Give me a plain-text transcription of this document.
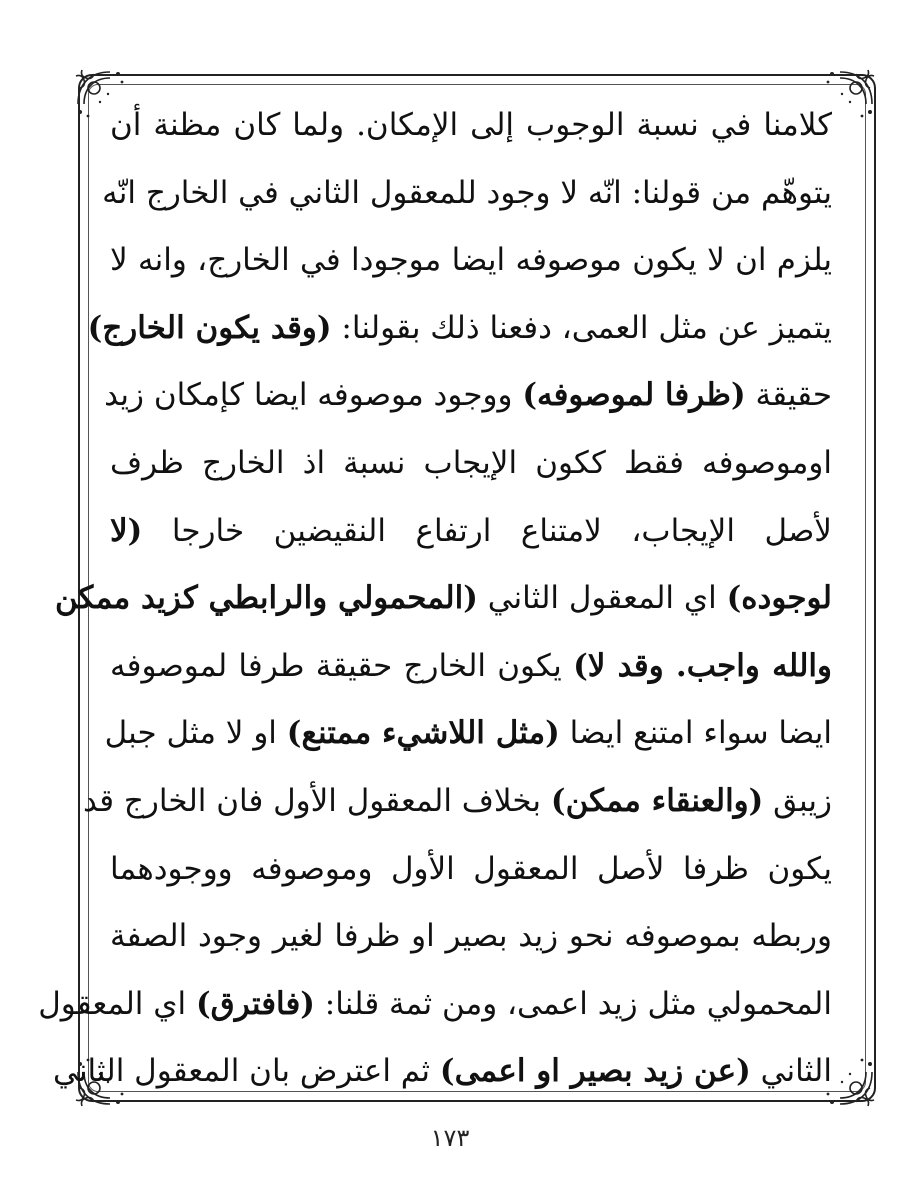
كلامنا في نسبة الوجوب إلى الإمكان. ولما كان مظنة أن
يتوهّم من قولنا: انّه لا وجود للمعقول الثاني في الخارج انّه
يلزم ان لا يكون موصوفه ايضا موجودا في الخارج، وانه لا
يتميز عن مثل العمى، دفعنا ذلك بقولنا: (وقد يكون الخارج)
حقيقة (ظرفا لموصوفه) ووجود موصوفه ايضا كإمكان زيد
اوموصوفه فقط ككون الإيجاب نسبة اذ الخارج ظرف
لأصل الإيجاب، لامتناع ارتفاع النقيضين خارجا (لا
لوجوده) اي المعقول الثاني (المحمولي والرابطي كزيد ممكن
والله واجب. وقد لا) يكون الخارج حقيقة طرفا لموصوفه
ايضا سواء امتنع ايضا (مثل اللاشيء ممتنع) او لا مثل جبل
زيبق (والعنقاء ممكن) بخلاف المعقول الأول فان الخارج قد
يكون ظرفا لأصل المعقول الأول وموصوفه ووجودهما
وربطه بموصوفه نحو زيد بصير او ظرفا لغير وجود الصفة
المحمولي مثل زيد اعمى، ومن ثمة قلنا: (فافترق) اي المعقول
الثاني (عن زيد بصير او اعمى) ثم اعترض بان المعقول الثاني
١٧٣
